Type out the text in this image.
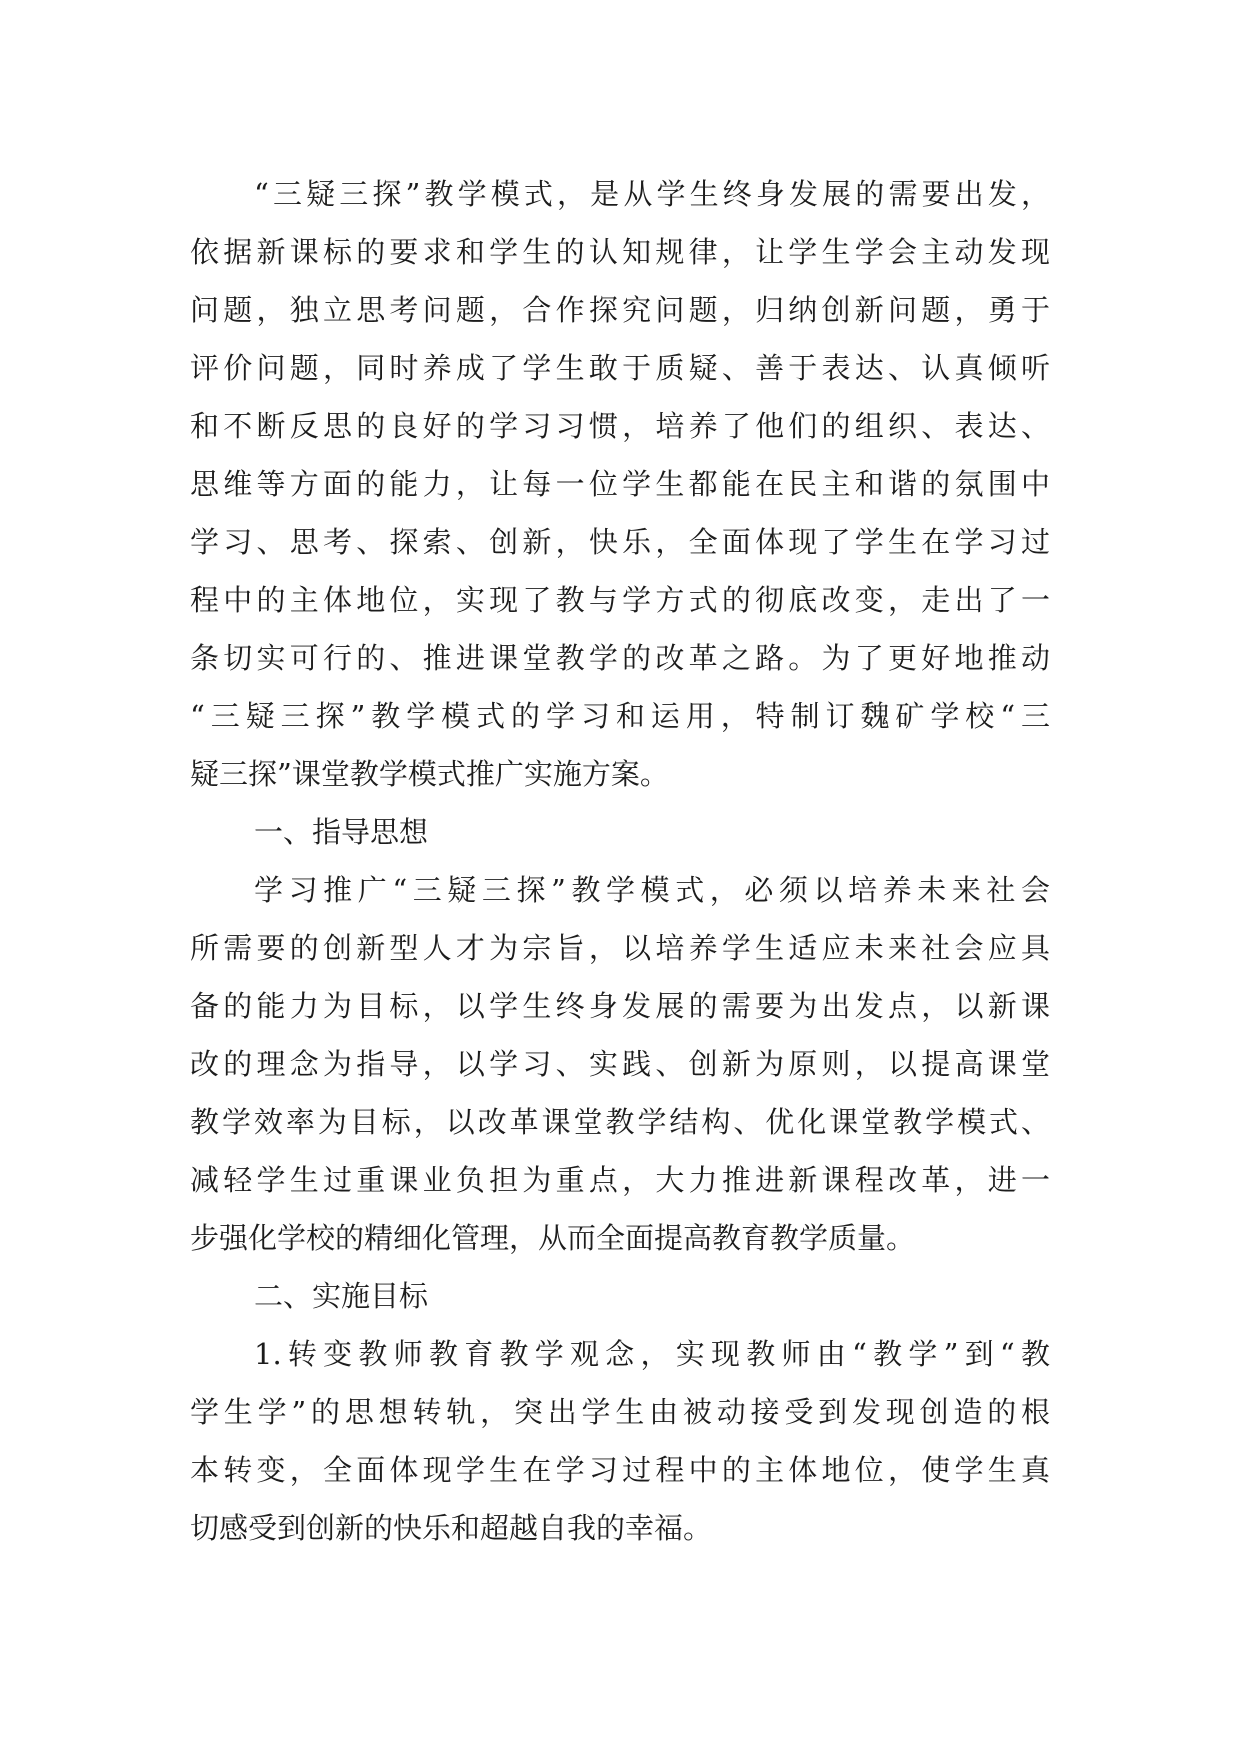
“三疑三探”教学模式，是从学生终身发展的需要出发，
依据新课标的要求和学生的认知规律，让学生学会主动发现
问题，独立思考问题，合作探究问题，归纳创新问题，勇于
评价问题，同时养成了学生敢于质疑、善于表达、认真倾听
和不断反思的良好的学习习惯，培养了他们的组织、表达、
思维等方面的能力，让每一位学生都能在民主和谐的氛围中
学习、思考、探索、创新，快乐，全面体现了学生在学习过
程中的主体地位，实现了教与学方式的彻底改变，走出了一
条切实可行的、推进课堂教学的改革之路。为了更好地推动
“三疑三探”教学模式的学习和运用，特制订魏矿学校“三
疑三探”课堂教学模式推广实施方案。
一、指导思想
学习推广“三疑三探”教学模式，必须以培养未来社会
所需要的创新型人才为宗旨，以培养学生适应未来社会应具
备的能力为目标，以学生终身发展的需要为出发点，以新课
改的理念为指导，以学习、实践、创新为原则，以提高课堂
教学效率为目标，以改革课堂教学结构、优化课堂教学模式、
减轻学生过重课业负担为重点，大力推进新课程改革，进一
步强化学校的精细化管理，从而全面提高教育教学质量。
二、实施目标
1.转变教师教育教学观念，实现教师由“教学”到“教
学生学”的思想转轨，突出学生由被动接受到发现创造的根
本转变，全面体现学生在学习过程中的主体地位，使学生真
切感受到创新的快乐和超越自我的幸福。
